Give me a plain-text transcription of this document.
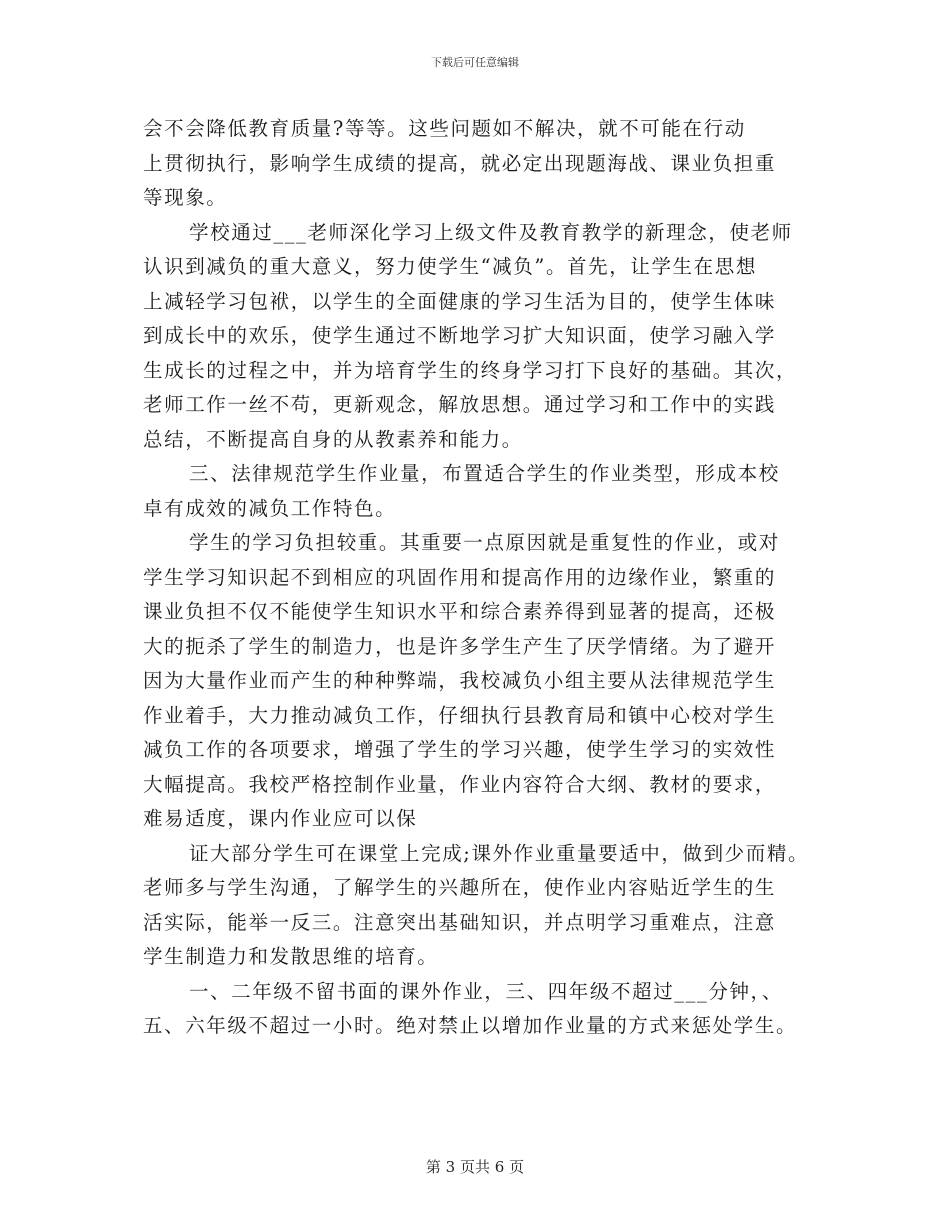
下载后可任意编辑
会不会降低教育质量?等等。这些问题如不解决，就不可能在行动
上贯彻执行，影响学生成绩的提高，就必定出现题海战、课业负担重
等现象。
学校通过___老师深化学习上级文件及教育教学的新理念，使老师
认识到减负的重大意义，努力使学生“减负”。首先，让学生在思想
上减轻学习包袱，以学生的全面健康的学习生活为目的，使学生体味
到成长中的欢乐，使学生通过不断地学习扩大知识面，使学习融入学
生成长的过程之中，并为培育学生的终身学习打下良好的基础。其次，
老师工作一丝不苟，更新观念，解放思想。通过学习和工作中的实践
总结，不断提高自身的从教素养和能力。
三、法律规范学生作业量，布置适合学生的作业类型，形成本校
卓有成效的减负工作特色。
学生的学习负担较重。其重要一点原因就是重复性的作业，或对
学生学习知识起不到相应的巩固作用和提高作用的边缘作业，繁重的
课业负担不仅不能使学生知识水平和综合素养得到显著的提高，还极
大的扼杀了学生的制造力，也是许多学生产生了厌学情绪。为了避开
因为大量作业而产生的种种弊端，我校减负小组主要从法律规范学生
作业着手，大力推动减负工作，仔细执行县教育局和镇中心校对学生
减负工作的各项要求，增强了学生的学习兴趣，使学生学习的实效性
大幅提高。我校严格控制作业量，作业内容符合大纲、教材的要求，
难易适度，课内作业应可以保
证大部分学生可在课堂上完成;课外作业重量要适中，做到少而精。
老师多与学生沟通，了解学生的兴趣所在，使作业内容贴近学生的生
活实际，能举一反三。注意突出基础知识，并点明学习重难点，注意
学生制造力和发散思维的培育。
一、二年级不留书面的课外作业，三、四年级不超过___分钟，、
五、六年级不超过一小时。绝对禁止以增加作业量的方式来惩处学生。
第 3 页共 6 页
